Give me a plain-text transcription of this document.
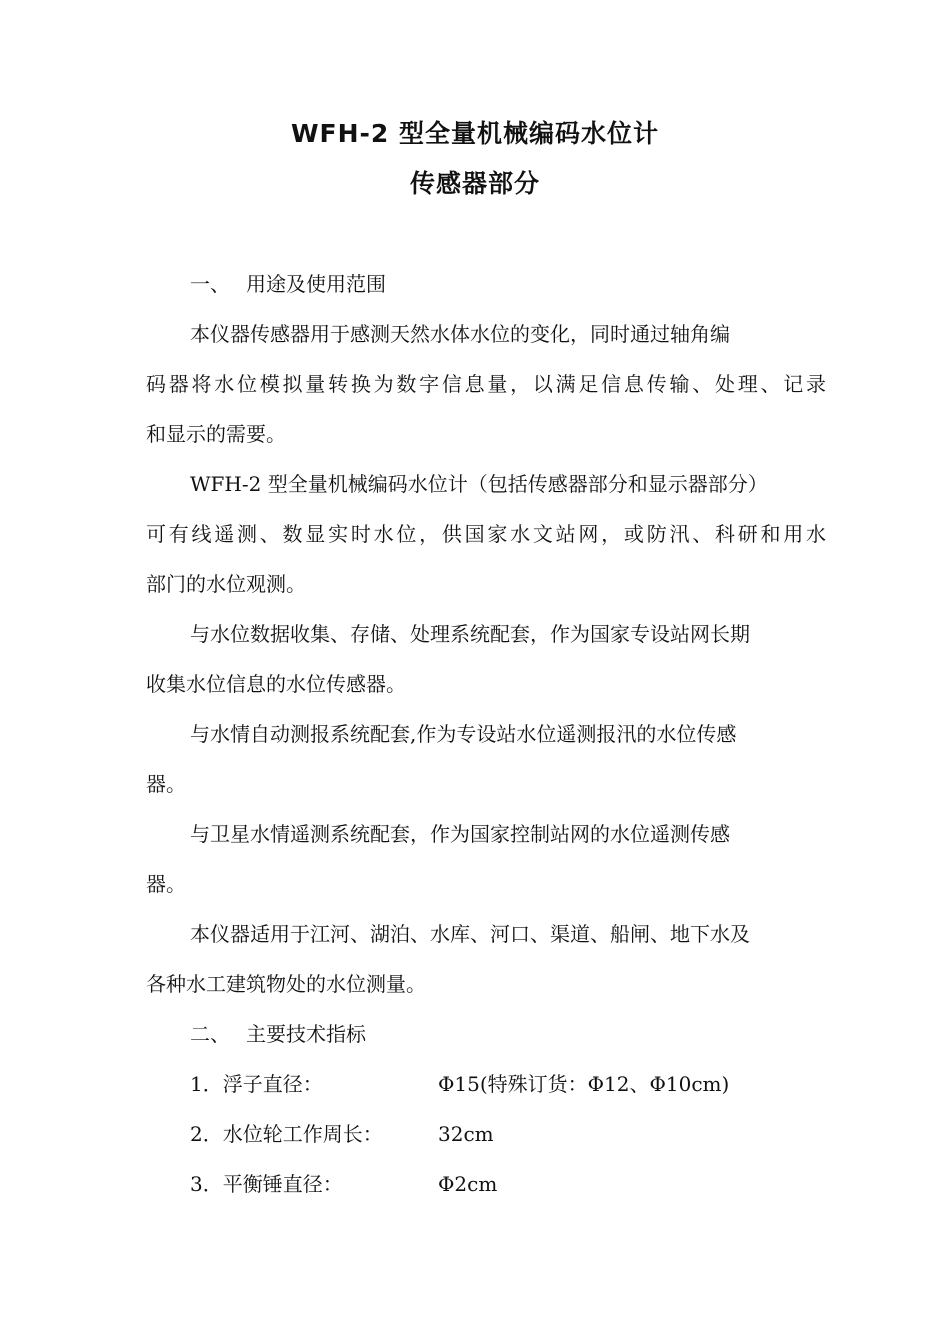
WFH-2 型全量机械编码水位计
传感器部分
一、 用途及使用范围
本仪器传感器用于感测天然水体水位的变化，同时通过轴角编
码器将水位模拟量转换为数字信息量，以满足信息传输、处理、记录
和显示的需要。
WFH-2 型全量机械编码水位计（包括传感器部分和显示器部分）
可有线遥测、数显实时水位，供国家水文站网，或防汛、科研和用水
部门的水位观测。
与水位数据收集、存储、处理系统配套，作为国家专设站网长期
收集水位信息的水位传感器。
与水情自动测报系统配套,作为专设站水位遥测报汛的水位传感
器。
与卫星水情遥测系统配套，作为国家控制站网的水位遥测传感
器。
本仪器适用于江河、湖泊、水库、河口、渠道、船闸、地下水及
各种水工建筑物处的水位测量。
二、 主要技术指标
1．浮子直径：	Φ15(特殊订货：Φ12、Φ10cm)
2．水位轮工作周长：	32cm
3．平衡锤直径：	Φ2cm
